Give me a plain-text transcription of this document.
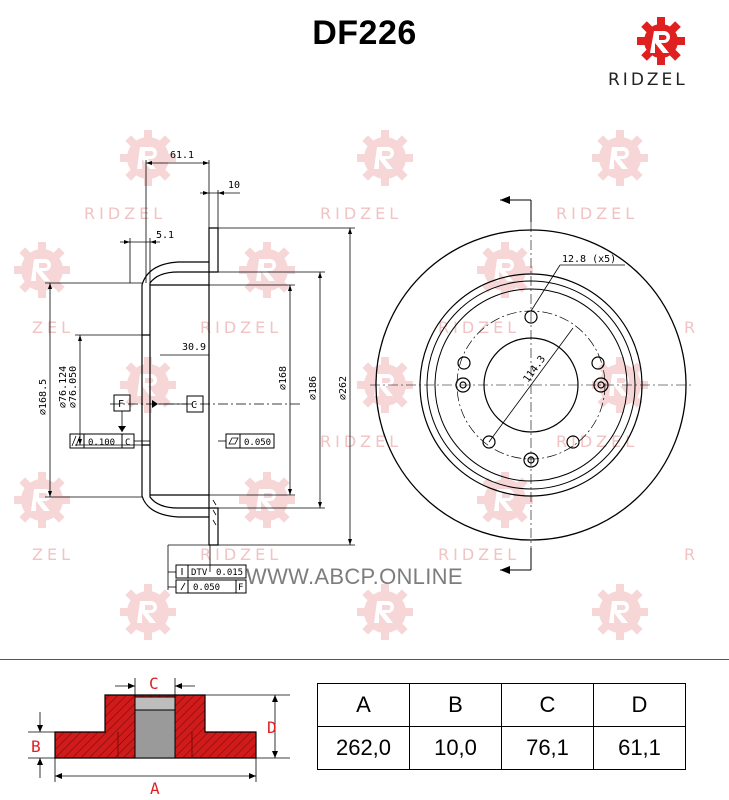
DF226
RIDZEL
RIDZEL	RIDZEL	RIDZEL
ZEL	RIDZEL	RIDZEL	R
RIDZEL	RIDZEL
ZEL	RIDZEL	RIDZEL	R
61.1
10
5.1
30.9
∅262
∅186
∅168
∅168.5 ∅76.124 ∅76.050
12.8 (x5)
114.3
F	C
0.100 C	0.050
DTV 0.015
0.050 F WWW.ABCP.ONLINE
C
D
B
A
A	B	C	D
262,0	10,0	76,1	61,1
